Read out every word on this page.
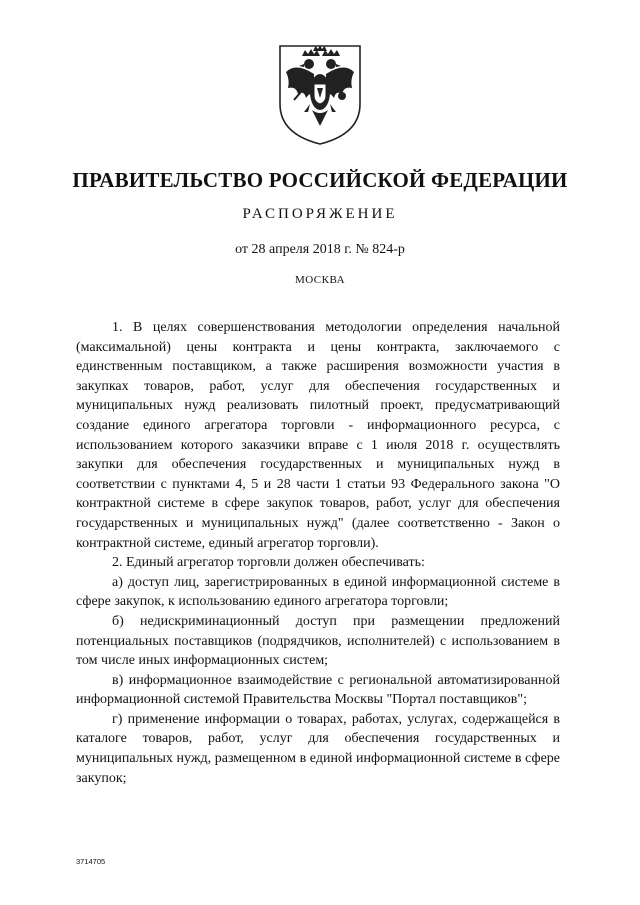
ПРАВИТЕЛЬСТВО РОССИЙСКОЙ ФЕДЕРАЦИИ
РАСПОРЯЖЕНИЕ
от 28 апреля 2018 г. № 824-р
МОСКВА

1. В целях совершенствования методологии определения начальной (максимальной) цены контракта и цены контракта, заключаемого с единственным поставщиком, а также расширения возможности участия в закупках товаров, работ, услуг для обеспечения государственных и муниципальных нужд реализовать пилотный проект, предусматривающий создание единого агрегатора торговли - информационного ресурса, с использованием которого заказчики вправе с 1 июля 2018 г. осуществлять закупки для обеспечения государственных и муниципальных нужд в соответствии с пунктами 4, 5 и 28 части 1 статьи 93 Федерального закона "О контрактной системе в сфере закупок товаров, работ, услуг для обеспечения государственных и муниципальных нужд" (далее соответственно - Закон о контрактной системе, единый агрегатор торговли).

2. Единый агрегатор торговли должен обеспечивать:

а) доступ лиц, зарегистрированных в единой информационной системе в сфере закупок, к использованию единого агрегатора торговли;

б) недискриминационный доступ при размещении предложений потенциальных поставщиков (подрядчиков, исполнителей) с использованием в том числе иных информационных систем;

в) информационное взаимодействие с региональной автоматизированной информационной системой Правительства Москвы "Портал поставщиков";

г) применение информации о товарах, работах, услугах, содержащейся в каталоге товаров, работ, услуг для обеспечения государственных и муниципальных нужд, размещенном в единой информационной системе в сфере закупок;

3714705
